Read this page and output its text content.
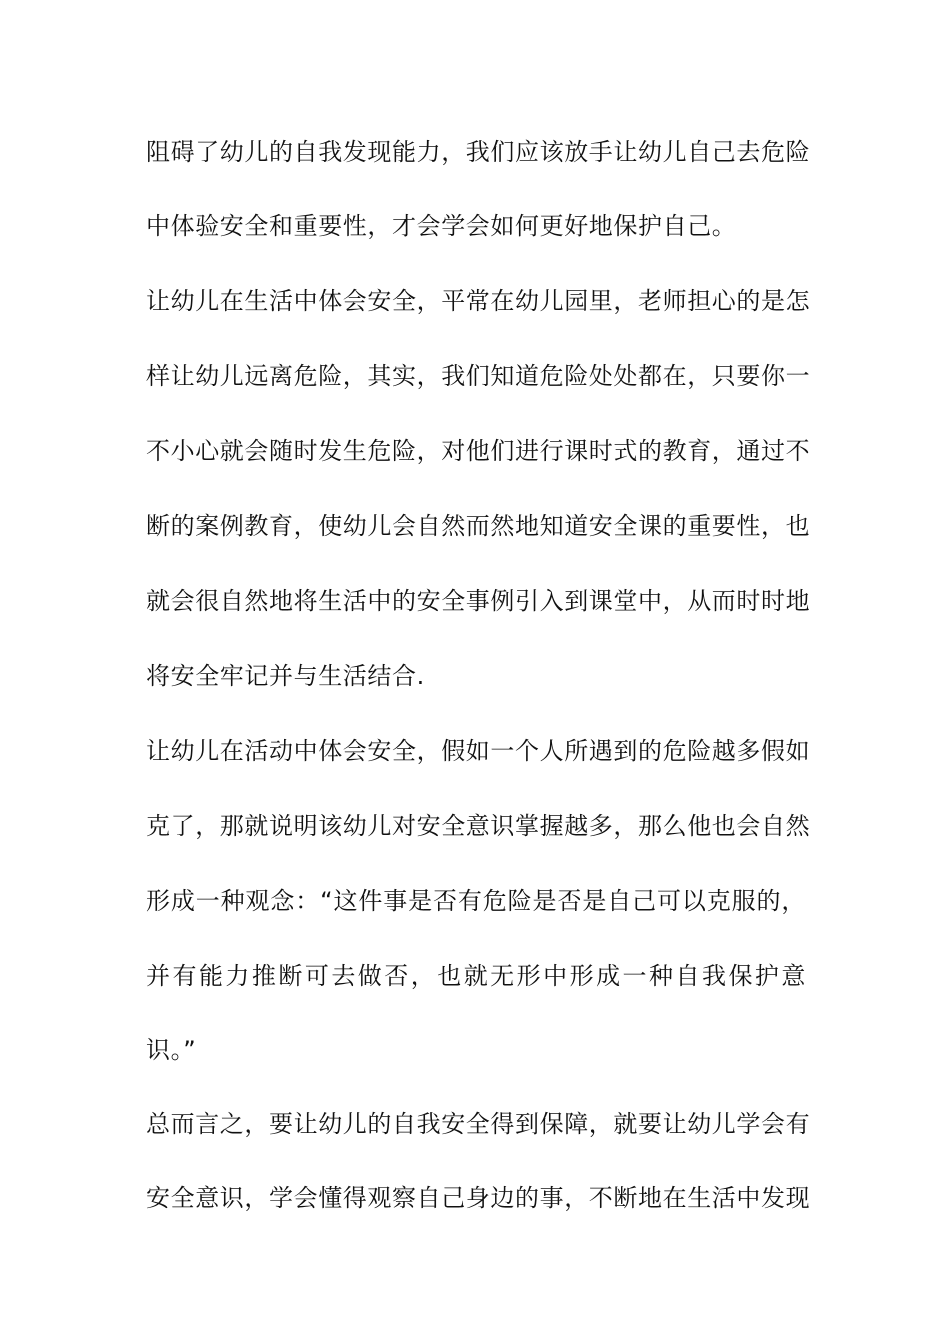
阻碍了幼儿的自我发现能力，我们应该放手让幼儿自己去危险
中体验安全和重要性，才会学会如何更好地保护自己。
让幼儿在生活中体会安全，平常在幼儿园里，老师担心的是怎
样让幼儿远离危险，其实，我们知道危险处处都在，只要你一
不小心就会随时发生危险，对他们进行课时式的教育，通过不
断的案例教育，使幼儿会自然而然地知道安全课的重要性，也
就会很自然地将生活中的安全事例引入到课堂中，从而时时地
将安全牢记并与生活结合.
让幼儿在活动中体会安全，假如一个人所遇到的危险越多假如
克了，那就说明该幼儿对安全意识掌握越多，那么他也会自然
形成一种观念：“这件事是否有危险是否是自己可以克服的，
并有能力推断可去做否，也就无形中形成一种自我保护意
识。”
总而言之，要让幼儿的自我安全得到保障，就要让幼儿学会有
安全意识，学会懂得观察自己身边的事，不断地在生活中发现
